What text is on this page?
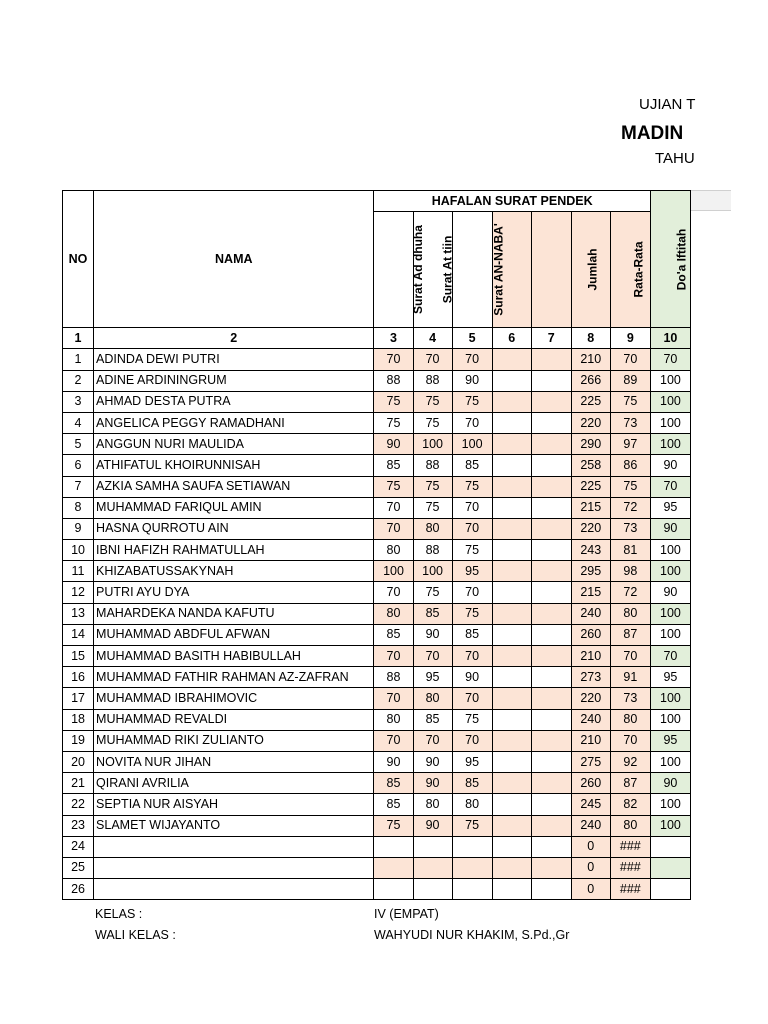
UJIAN T
MADIN
TAHU
NO	NAMA	HAFALAN SURAT PENDEK							Do'a Iftitah
		Surat Ad dhuha	Surat At tiin	Surat AN-NABA'			Jumlah	Rata-Rata	
1	2	3	4	5	6	7	8	9	10
1	ADINDA DEWI PUTRI	70	70	70			210	70	70
2	ADINE ARDININGRUM	88	88	90			266	89	100
3	AHMAD DESTA PUTRA	75	75	75			225	75	100
4	ANGELICA PEGGY RAMADHANI	75	75	70			220	73	100
5	ANGGUN NURI MAULIDA	90	100	100			290	97	100
6	ATHIFATUL KHOIRUNNISAH	85	88	85			258	86	90
7	AZKIA SAMHA SAUFA SETIAWAN	75	75	75			225	75	70
8	MUHAMMAD FARIQUL AMIN	70	75	70			215	72	95
9	HASNA QURROTU AIN	70	80	70			220	73	90
10	IBNI HAFIZH RAHMATULLAH	80	88	75			243	81	100
11	KHIZABATUSSAKYNAH	100	100	95			295	98	100
12	PUTRI AYU DYA	70	75	70			215	72	90
13	MAHARDEKA NANDA KAFUTU	80	85	75			240	80	100
14	MUHAMMAD ABDFUL AFWAN	85	90	85			260	87	100
15	MUHAMMAD BASITH HABIBULLAH	70	70	70			210	70	70
16	MUHAMMAD FATHIR RAHMAN AZ-ZAFRAN	88	95	90			273	91	95
17	MUHAMMAD IBRAHIMOVIC	70	80	70			220	73	100
18	MUHAMMAD REVALDI	80	85	75			240	80	100
19	MUHAMMAD RIKI ZULIANTO	70	70	70			210	70	95
20	NOVITA NUR JIHAN	90	90	95			275	92	100
21	QIRANI AVRILIA	85	90	85			260	87	90
22	SEPTIA NUR AISYAH	85	80	80			245	82	100
23	SLAMET WIJAYANTO	75	90	75			240	80	100
24							0	###	
25							0	###	
26							0	###	
KELAS :	IV (EMPAT)
WALI KELAS :	WAHYUDI NUR KHAKIM, S.Pd.,Gr
